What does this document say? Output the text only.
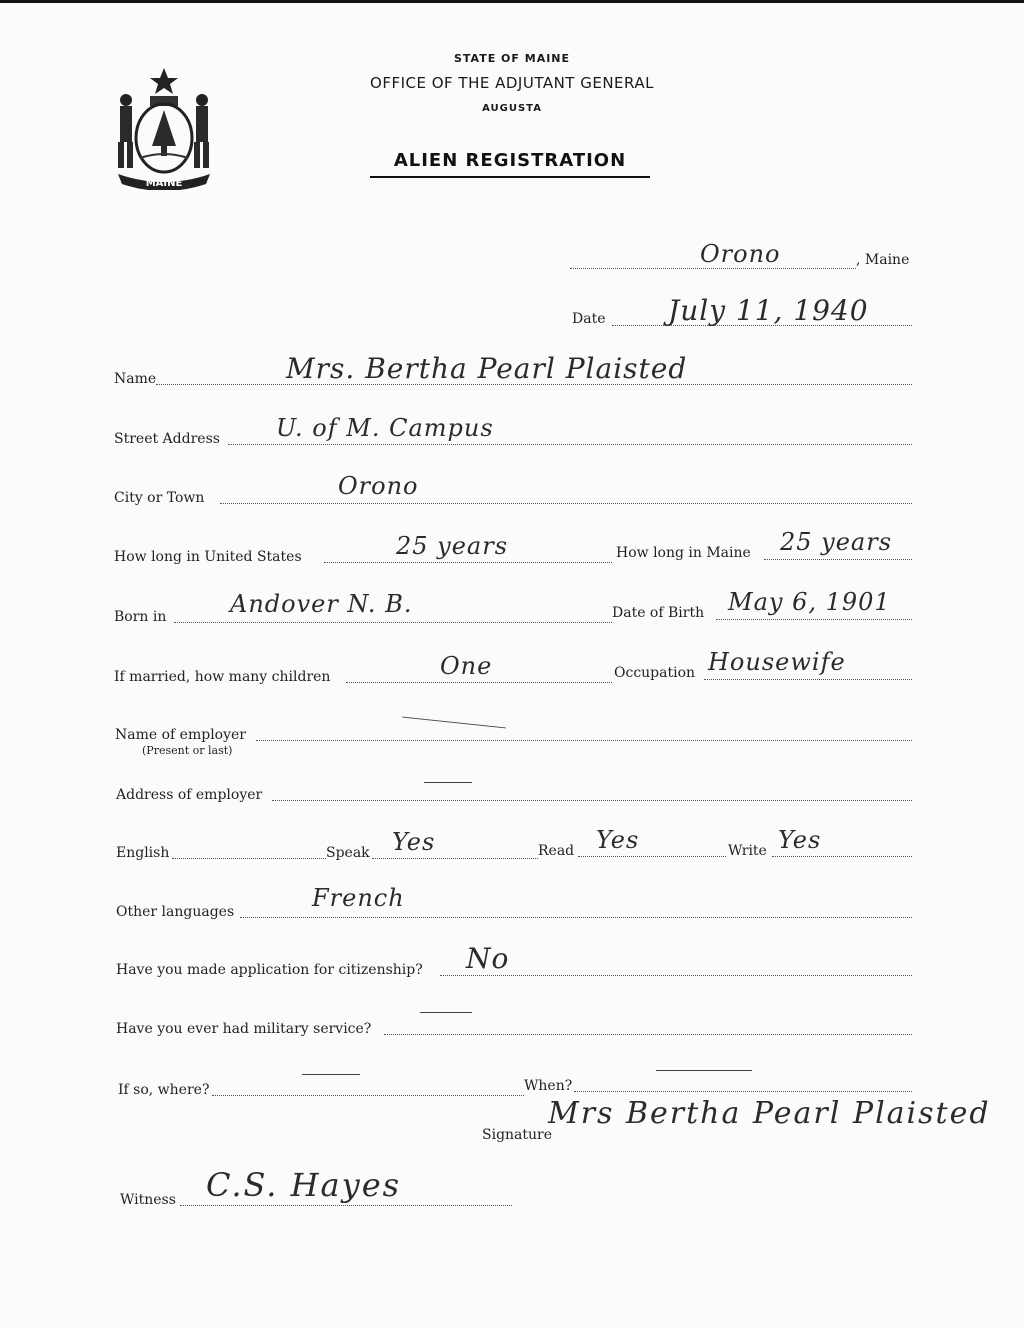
MAINE
STATE OF MAINE
OFFICE OF THE ADJUTANT GENERAL
AUGUSTA
ALIEN REGISTRATION
Orono	, Maine
Date July 11, 1940
Name	Mrs. Bertha Pearl Plaisted
Street Address U. of M. Campus
City or Town	Orono
How long in United States	25 years	How long in Maine 25 years
Born in	Andover N. B.	Date of Birth May 6, 1901
If married, how many children	One	Occupation Housewife
Name of employer
(Present or last)
Address of employer
English	Speak Yes	Read Yes	Write Yes
Other languages	French
Have you made application for citizenship? No
Have you ever had military service?
If so, where?	When?
Signature
Mrs Bertha Pearl Plaisted
Witness C.S. Hayes
